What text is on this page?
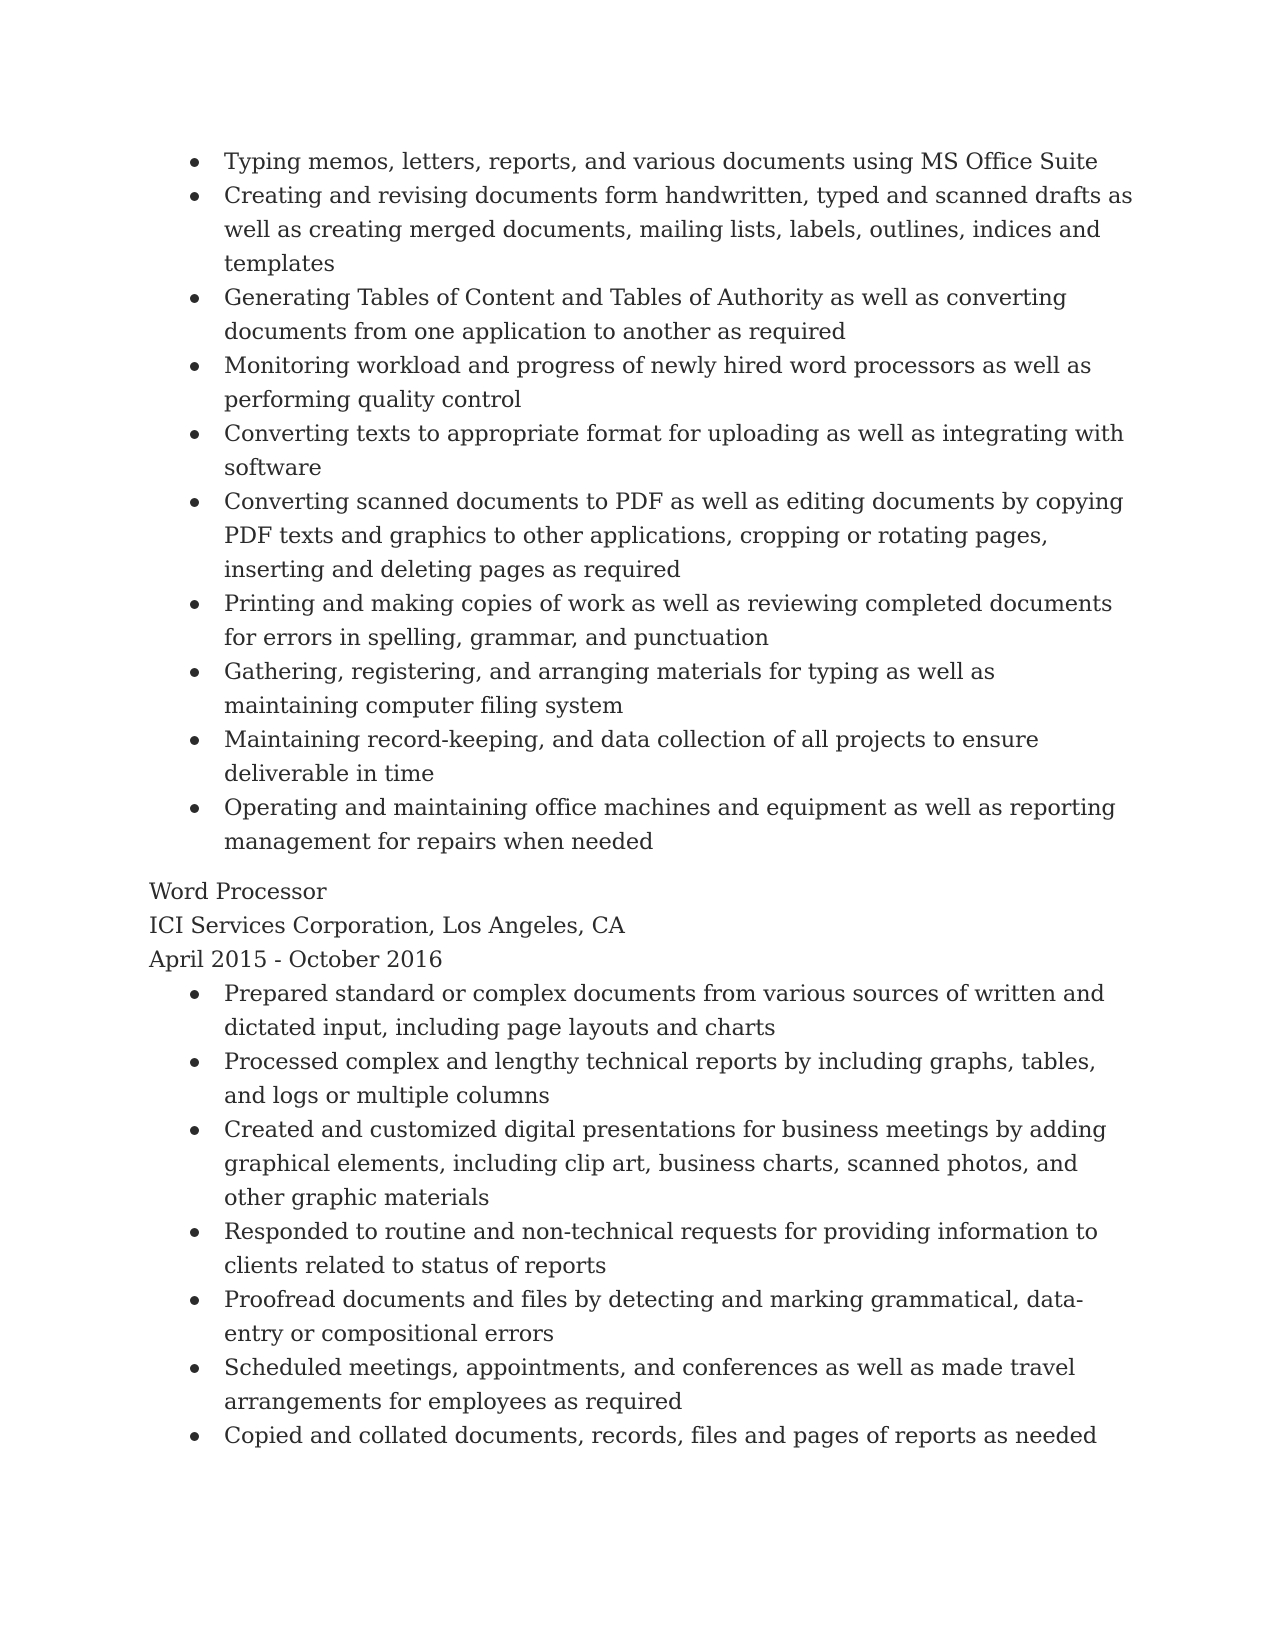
Typing memos, letters, reports, and various documents using MS Office Suite
Creating and revising documents form handwritten, typed and scanned drafts as well as creating merged documents, mailing lists, labels, outlines, indices and templates
Generating Tables of Content and Tables of Authority as well as converting documents from one application to another as required
Monitoring workload and progress of newly hired word processors as well as performing quality control
Converting texts to appropriate format for uploading as well as integrating with software
Converting scanned documents to PDF as well as editing documents by copying PDF texts and graphics to other applications, cropping or rotating pages, inserting and deleting pages as required
Printing and making copies of work as well as reviewing completed documents for errors in spelling, grammar, and punctuation
Gathering, registering, and arranging materials for typing as well as maintaining computer filing system
Maintaining record-keeping, and data collection of all projects to ensure deliverable in time
Operating and maintaining office machines and equipment as well as reporting management for repairs when needed
Word Processor
ICI Services Corporation, Los Angeles, CA
April 2015 - October 2016
Prepared standard or complex documents from various sources of written and dictated input, including page layouts and charts
Processed complex and lengthy technical reports by including graphs, tables, and logs or multiple columns
Created and customized digital presentations for business meetings by adding graphical elements, including clip art, business charts, scanned photos, and other graphic materials
Responded to routine and non-technical requests for providing information to clients related to status of reports
Proofread documents and files by detecting and marking grammatical, data-entry or compositional errors
Scheduled meetings, appointments, and conferences as well as made travel arrangements for employees as required
Copied and collated documents, records, files and pages of reports as needed
